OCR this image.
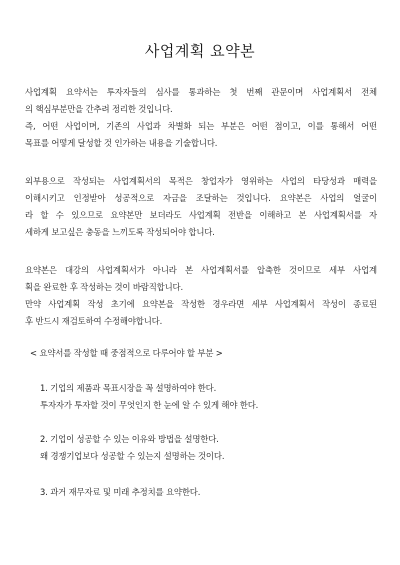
사업계획 요약본
사업계획 요약서는 투자자들의 심사를 통과하는 첫 번째 관문이며 사업계획서 전체
의 핵심부분만을 간추려 정리한 것입니다.
즉, 어떤 사업이며, 기존의 사업과 차별화 되는 부분은 어떤 점이고, 이를 통해서 어떤
목표를 어떻게 달성할 것 인가하는 내용을 기술합니다.
외부용으로 작성되는 사업계획서의 목적은 창업자가 영위하는 사업의 타당성과 매력을
이해시키고 인정받아 성공적으로 자금을 조달하는 것입니다. 요약본은 사업의 얼굴이
라 할 수 있으므로 요약본만 보더라도 사업계획 전반을 이해하고 본 사업계획서를 자
세하게 보고싶은 충동을 느끼도록 작성되어야 합니다.
요약본은 대강의 사업계획서가 아니라 본 사업계획서를 압축한 것이므로 세부 사업계
획을 완료한 후 작성하는 것이 바람직합니다.
만약 사업계획 작성 초기에 요약본을 작성한 경우라면 세부 사업계획서 작성이 종료된
후 반드시 재검토하여 수정해야합니다.
< 요약서를 작성할 때 중점적으로 다루어야 할 부분 >
1. 기업의 제품과 목표시장을 꼭 설명하여야 한다.
투자자가 투자할 것이 무엇인지 한 눈에 알 수 있게 해야 한다.
2. 기업이 성공할 수 있는 이유와 방법을 설명한다.
왜 경쟁기업보다 성공할 수 있는지 설명하는 것이다.
3. 과거 재무자료 및 미래 추정치를 요약한다.
